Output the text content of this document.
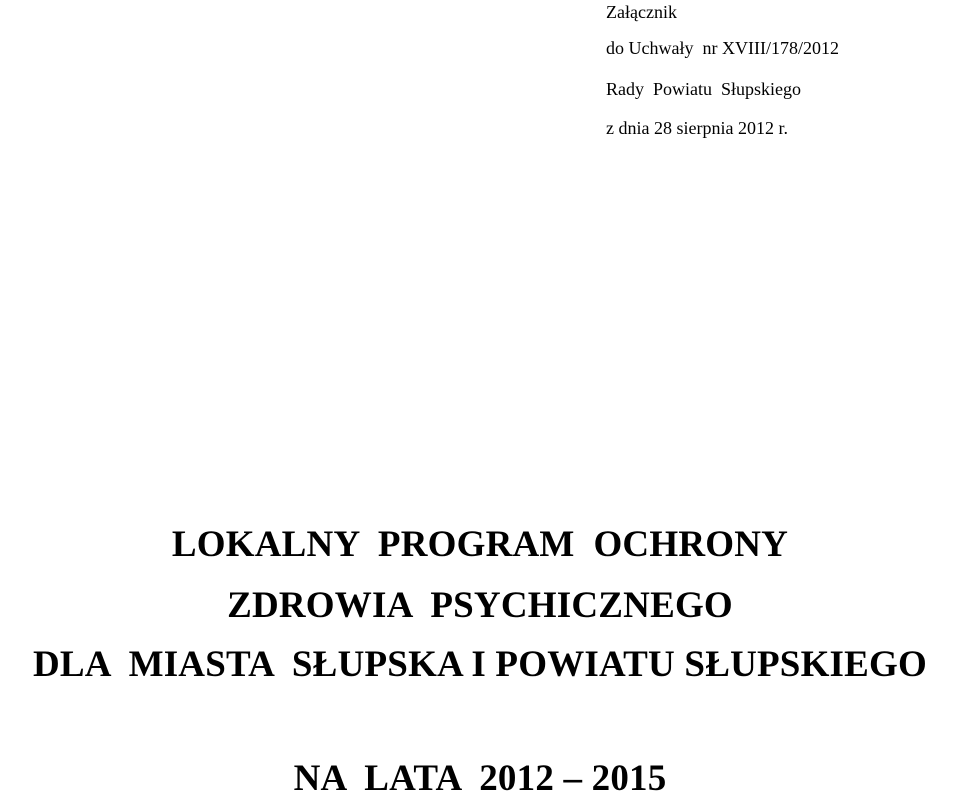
Załącznik
do Uchwały  nr XVIII/178/2012
Rady  Powiatu  Słupskiego
z dnia 28 sierpnia 2012 r.
LOKALNY  PROGRAM  OCHRONY
ZDROWIA  PSYCHICZNEGO
DLA  MIASTA  SŁUPSKA I POWIATU SŁUPSKIEGO
NA  LATA  2012 – 2015
